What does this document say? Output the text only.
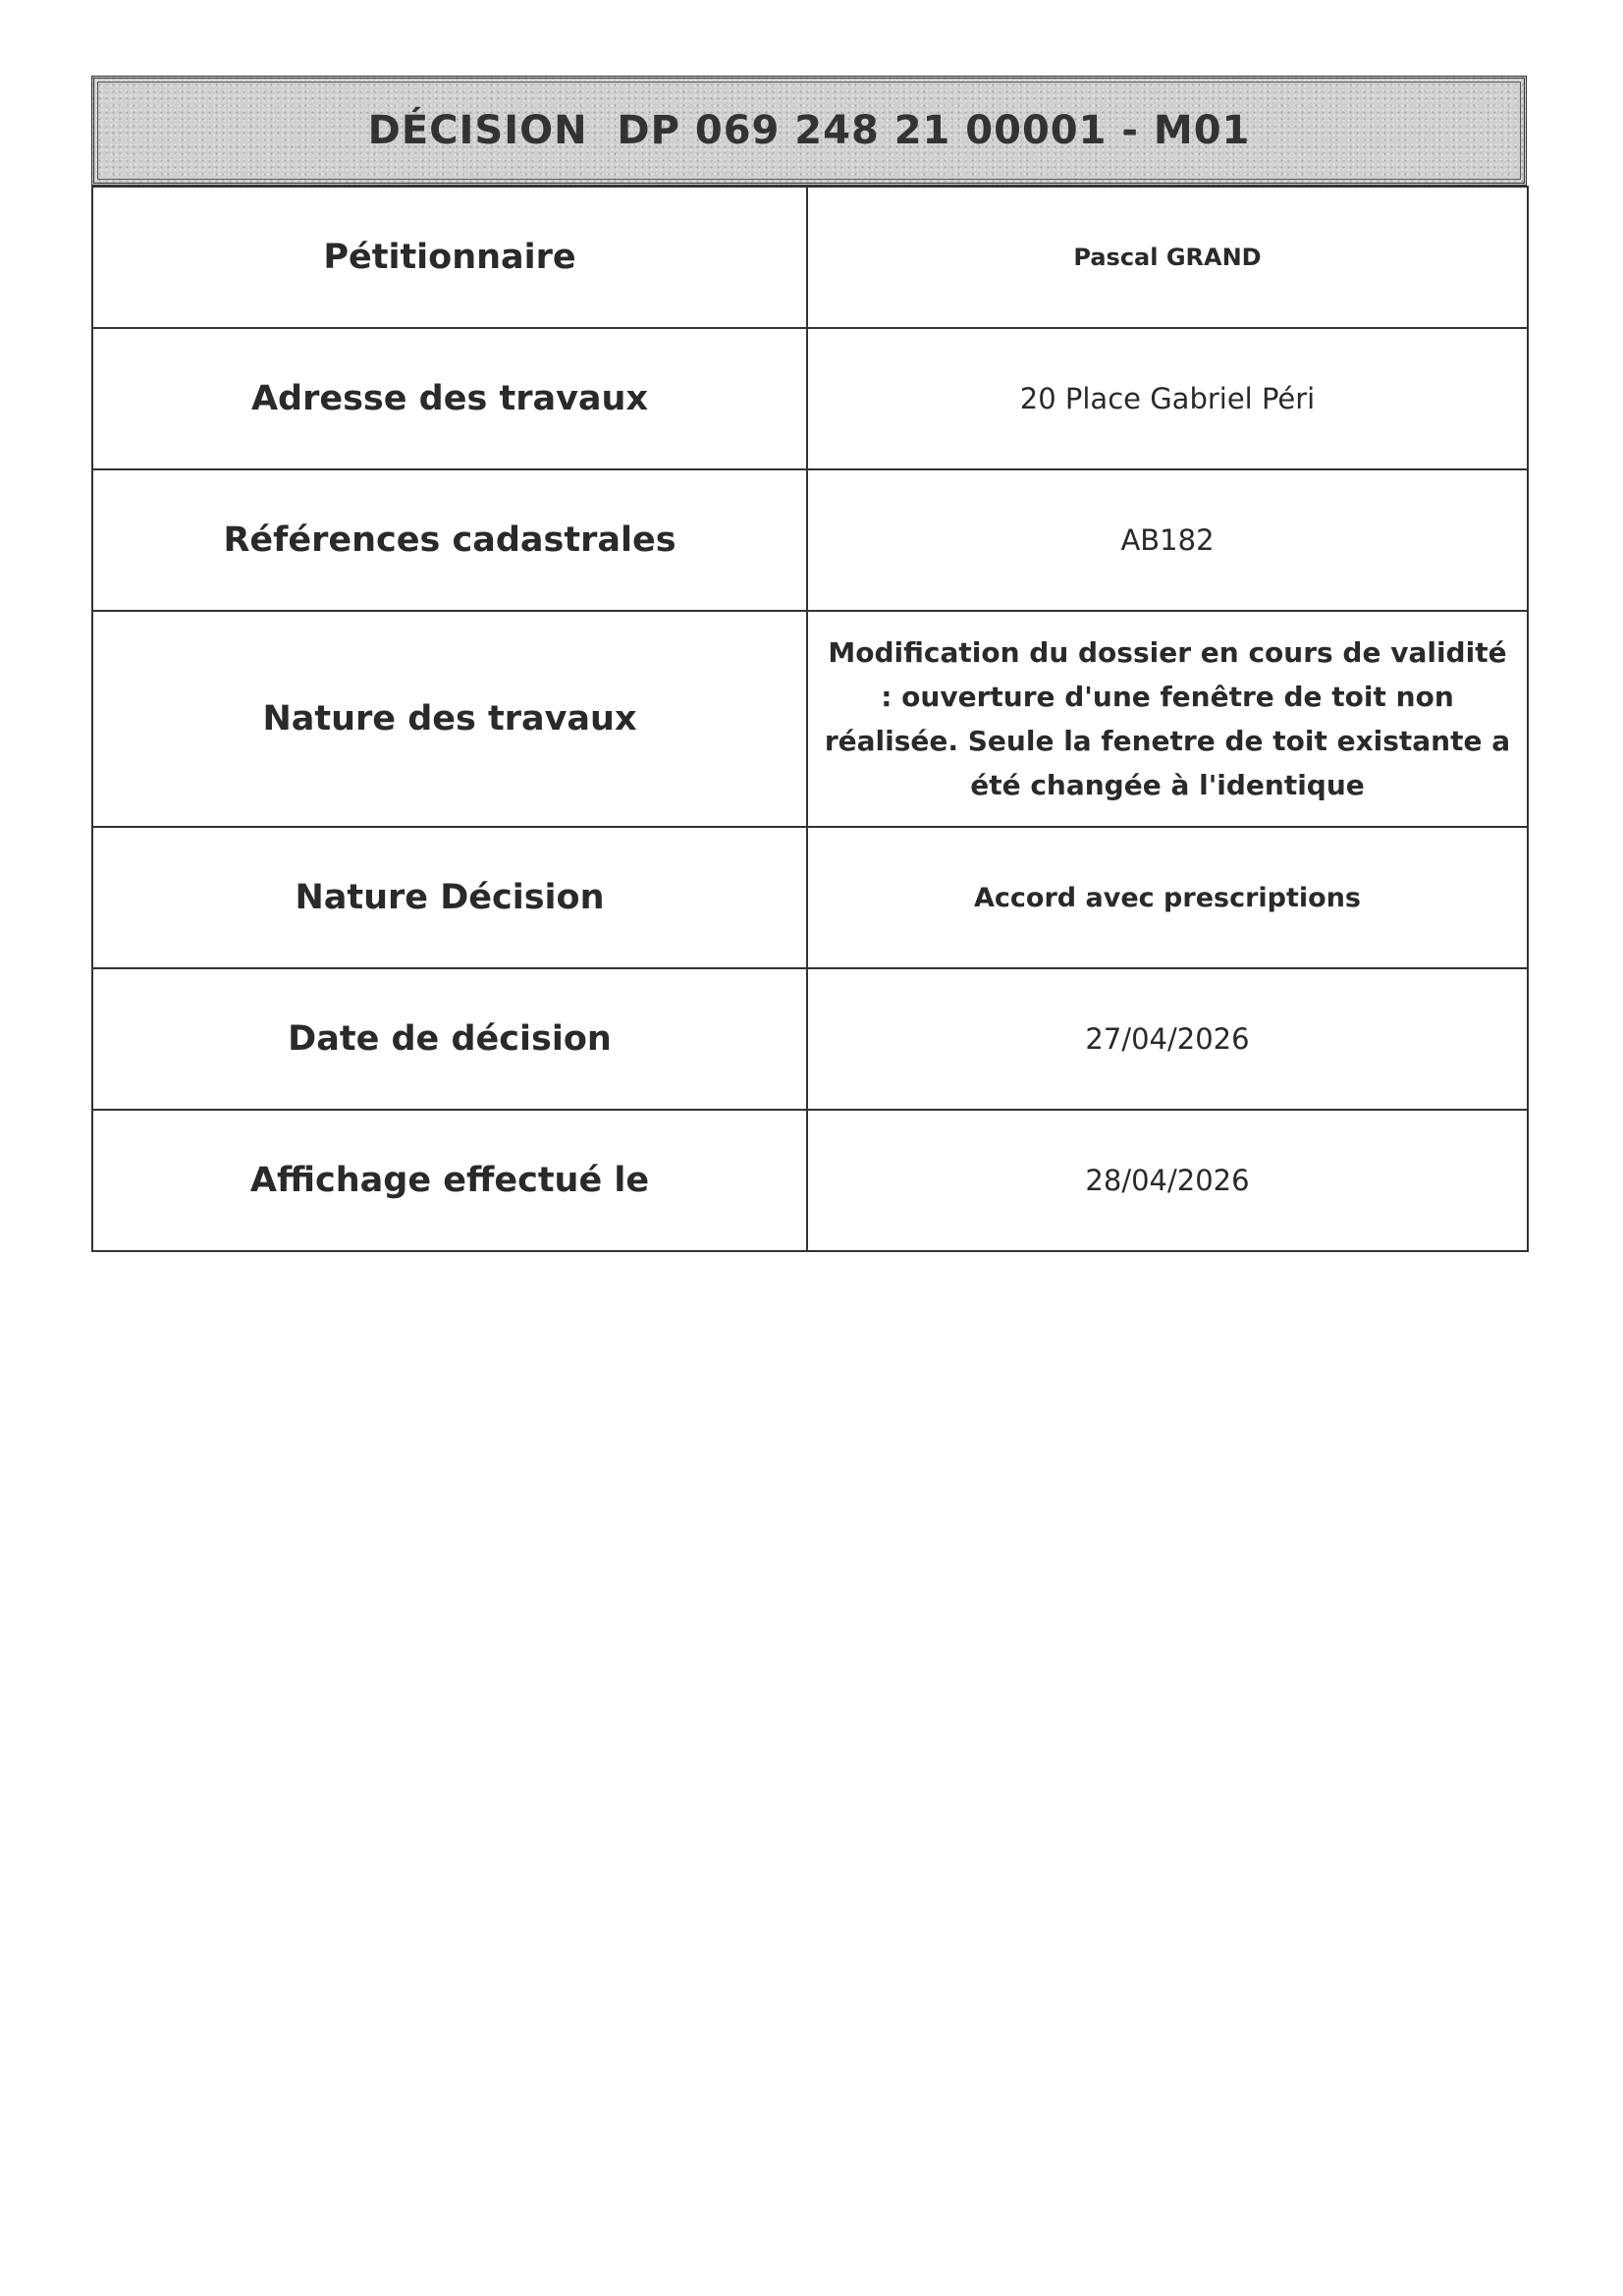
DÉCISION  DP 069 248 21 00001 - M01
Pétitionnaire	Pascal GRAND
Adresse des travaux	20 Place Gabriel Péri
Références cadastrales	AB182
Nature des travaux	Modification du dossier en cours de validité : ouverture d'une fenêtre de toit non réalisée. Seule la fenetre de toit existante a été changée à l'identique
Nature Décision	Accord avec prescriptions
Date de décision	27/04/2026
Affichage effectué le	28/04/2026
